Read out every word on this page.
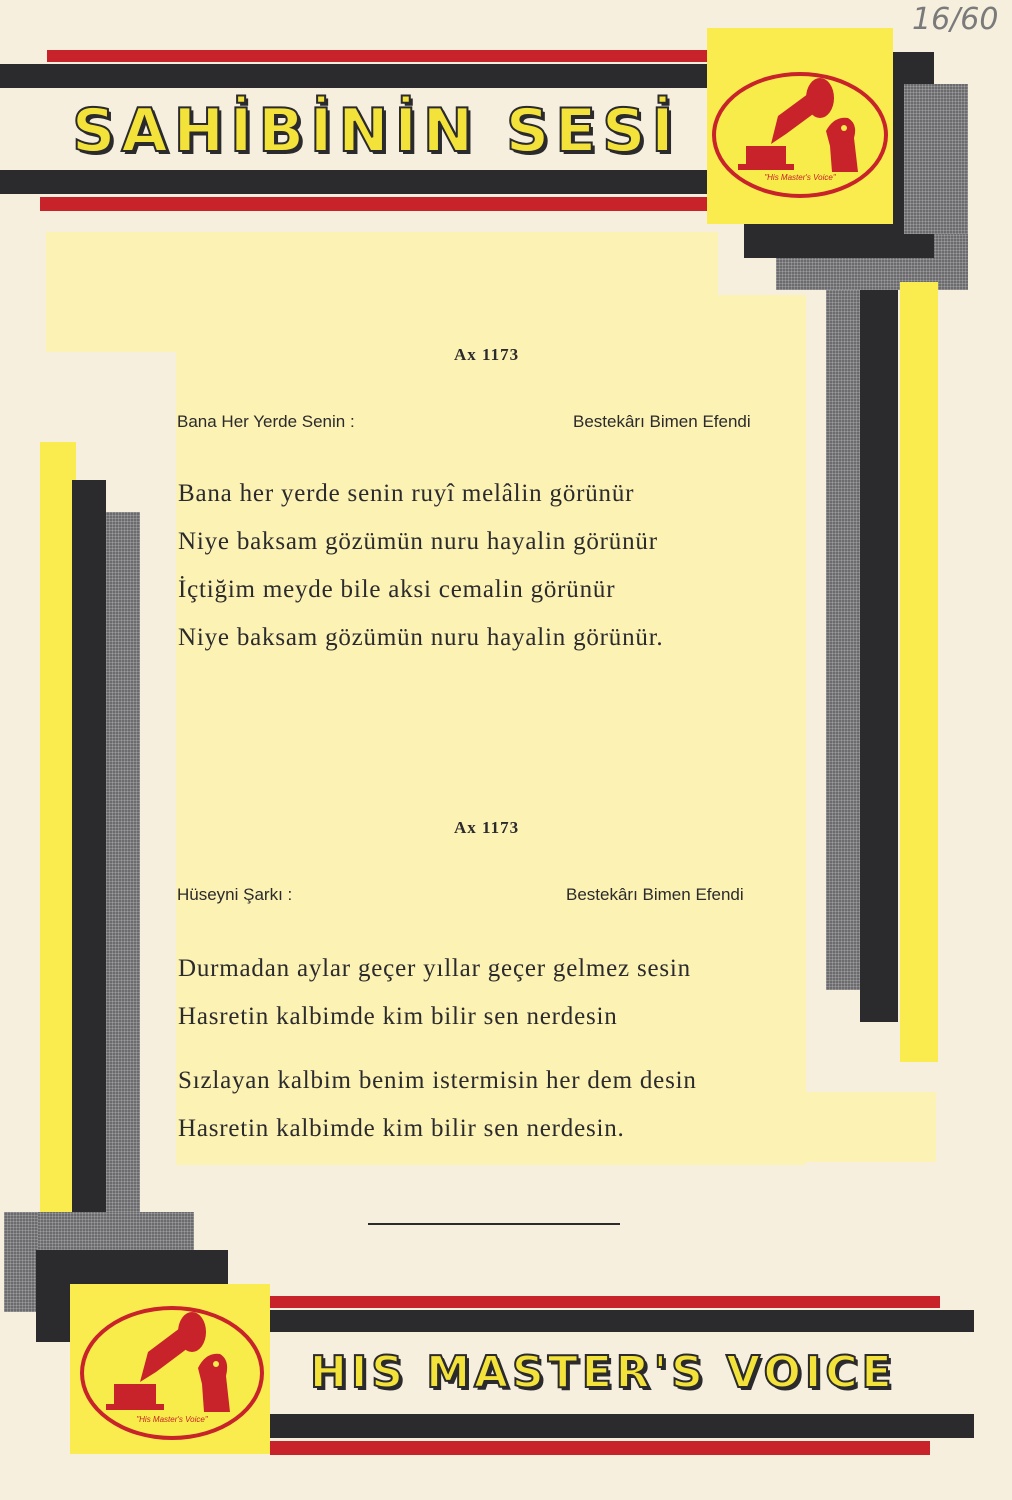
16/60
SAHİBİNİN SESİ
"His Master's Voice"
Ax 1173
Bana Her Yerde Senin :	Bestekârı Bimen Efendi
Bana her yerde senin ruyî melâlin görünür
Niye baksam gözümün nuru hayalin görünür
İçtiğim meyde bile aksi cemalin görünür
Niye baksam gözümün nuru hayalin görünür.
Ax 1173
Hüseyni Şarkı :	Bestekârı Bimen Efendi
Durmadan aylar geçer yıllar geçer gelmez sesin
Hasretin kalbimde kim bilir sen nerdesin
Sızlayan kalbim benim istermisin her dem desin
Hasretin kalbimde kim bilir sen nerdesin.
HIS MASTER'S VOICE
"His Master's Voice"
